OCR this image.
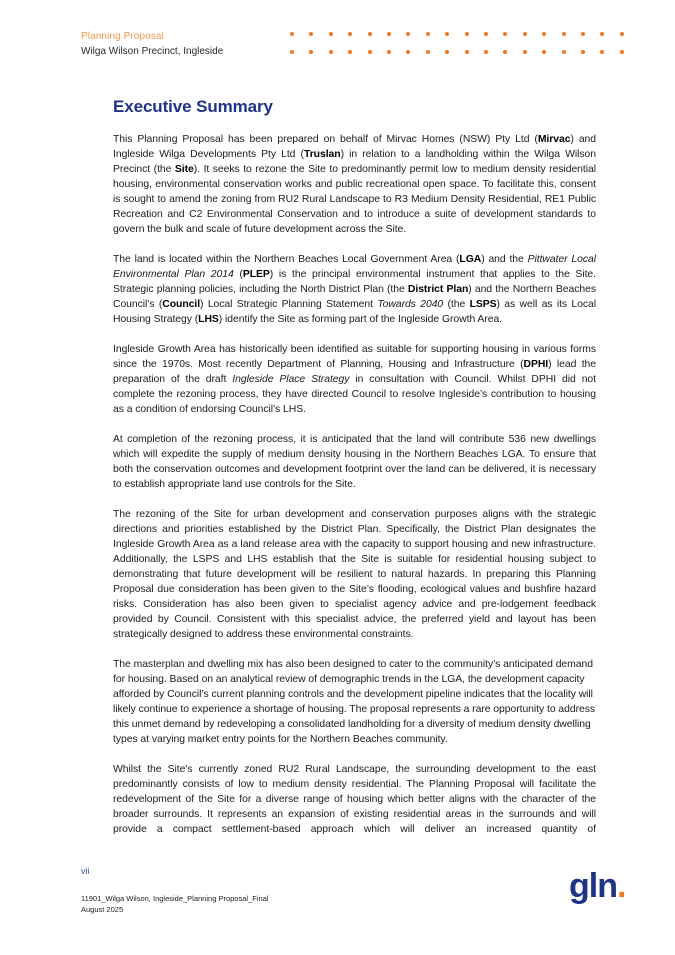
Planning Proposal
Wilga Wilson Precinct, Ingleside
Executive Summary

This Planning Proposal has been prepared on behalf of Mirvac Homes (NSW) Pty Ltd (Mirvac) and Ingleside Wilga Developments Pty Ltd (Truslan) in relation to a landholding within the Wilga Wilson Precinct (the Site). It seeks to rezone the Site to predominantly permit low to medium density residential housing, environmental conservation works and public recreational open space. To facilitate this, consent is sought to amend the zoning from RU2 Rural Landscape to R3 Medium Density Residential, RE1 Public Recreation and C2 Environmental Conservation and to introduce a suite of development standards to govern the bulk and scale of future development across the Site.

The land is located within the Northern Beaches Local Government Area (LGA) and the Pittwater Local Environmental Plan 2014 (PLEP) is the principal environmental instrument that applies to the Site. Strategic planning policies, including the North District Plan (the District Plan) and the Northern Beaches Council’s (Council) Local Strategic Planning Statement Towards 2040 (the LSPS) as well as its Local Housing Strategy (LHS) identify the Site as forming part of the Ingleside Growth Area.

Ingleside Growth Area has historically been identified as suitable for supporting housing in various forms since the 1970s. Most recently Department of Planning, Housing and Infrastructure (DPHI) lead the preparation of the draft Ingleside Place Strategy in consultation with Council. Whilst DPHI did not complete the rezoning process, they have directed Council to resolve Ingleside’s contribution to housing as a condition of endorsing Council’s LHS.

At completion of the rezoning process, it is anticipated that the land will contribute 536 new dwellings which will expedite the supply of medium density housing in the Northern Beaches LGA. To ensure that both the conservation outcomes and development footprint over the land can be delivered, it is necessary to establish appropriate land use controls for the Site.

The rezoning of the Site for urban development and conservation purposes aligns with the strategic directions and priorities established by the District Plan. Specifically, the District Plan designates the Ingleside Growth Area as a land release area with the capacity to support housing and new infrastructure. Additionally, the LSPS and LHS establish that the Site is suitable for residential housing subject to demonstrating that future development will be resilient to natural hazards. In preparing this Planning Proposal due consideration has been given to the Site’s flooding, ecological values and bushfire hazard risks. Consideration has also been given to specialist agency advice and pre-lodgement feedback provided by Council. Consistent with this specialist advice, the preferred yield and layout has been strategically designed to address these environmental constraints.

The masterplan and dwelling mix has also been designed to cater to the community’s anticipated demand for housing. Based on an analytical review of demographic trends in the LGA, the development capacity afforded by Council’s current planning controls and the development pipeline indicates that the locality will likely continue to experience a shortage of housing. The proposal represents a rare opportunity to address this unmet demand by redeveloping a consolidated landholding for a diversity of medium density dwelling types at varying market entry points for the Northern Beaches community.

Whilst the Site’s currently zoned RU2 Rural Landscape, the surrounding development to the east predominantly consists of low to medium density residential. The Planning Proposal will facilitate the redevelopment of the Site for a diverse range of housing which better aligns with the character of the broader surrounds. It represents an expansion of existing residential areas in the surrounds and will provide a compact settlement-based approach which will deliver an increased quantity of

vii
11901_Wilga Wilson, Ingleside_Planning Proposal_Final
August 2025
gln.
